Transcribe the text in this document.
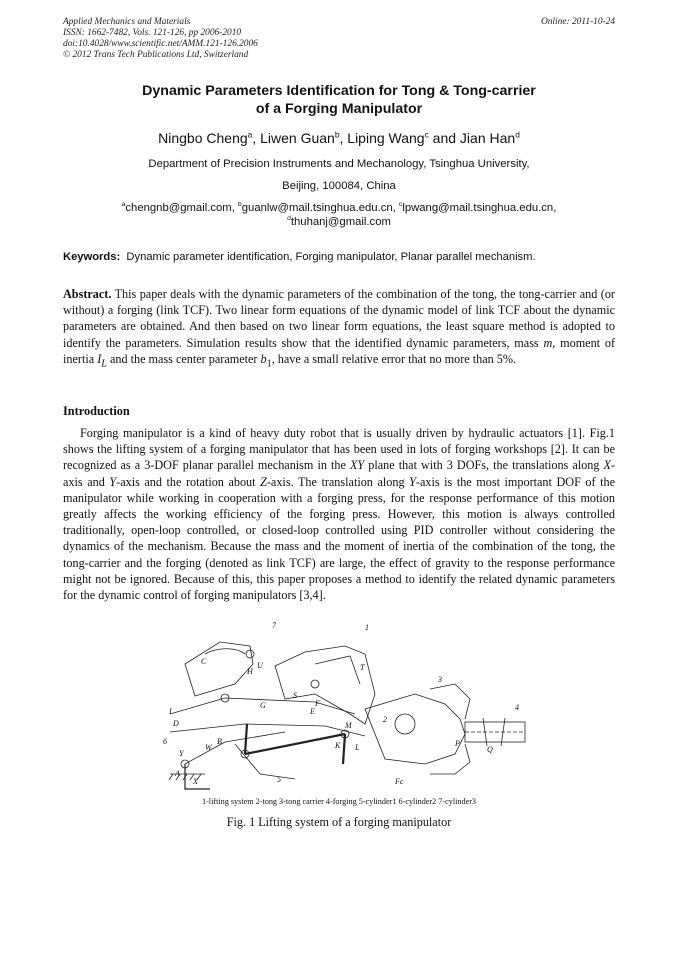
Applied Mechanics and Materials
ISSN: 1662-7482, Vols. 121-126, pp 2006-2010
doi:10.4028/www.scientific.net/AMM.121-126.2006
© 2012 Trans Tech Publications Ltd, Switzerland
Online: 2011-10-24
Dynamic Parameters Identification for Tong & Tong-carrier
of a Forging Manipulator
Ningbo Cheng$^a$, Liwen Guan$^b$, Liping Wang$^c$ and Jian Han$^d$
Department of Precision Instruments and Mechanology, Tsinghua University,
Beijing, 100084, China
$^a$chengnb@gmail.com, $^b$guanlw@mail.tsinghua.edu.cn, $^c$lpwang@mail.tsinghua.edu.cn,
$^d$thuhanj@gmail.com
Keywords: Dynamic parameter identification, Forging manipulator, Planar parallel mechanism.

Abstract. This paper deals with the dynamic parameters of the combination of the tong, the tong-carrier and (or without) a forging (link TCF). Two linear form equations of the dynamic model of link TCF about the dynamic parameters are obtained. And then based on two linear form equations, the least square method is adopted to identify the parameters. Simulation results show that the identified dynamic parameters, mass m, moment of inertia $I_L$ and the mass center parameter $b_1$, have a small relative error that no more than 5%.

Introduction

Forging manipulator is a kind of heavy duty robot that is usually driven by hydraulic actuators [1]. Fig.1 shows the lifting system of a forging manipulator that has been used in lots of forging workshops [2]. It can be recognized as a 3-DOF planar parallel mechanism in the XY plane that with 3 DOFs, the translations along X-axis and Y-axis and the rotation about Z-axis. The translation along Y-axis is the most important DOF of the manipulator while working in cooperation with a forging press, for the response performance of this motion greatly affects the working efficiency of the forging press. However, this motion is always controlled traditionally, open-loop controlled, or closed-loop controlled using PID controller without considering the dynamics of the mechanism. Because the mass and the moment of inertia of the combination of the tong, the tong-carrier and the forging (denoted as link TCF) are large, the effect of gravity to the response performance might not be ignored. Because of this, this paper proposes a method to identify the related dynamic parameters for the dynamic control of forging manipulators [3,4].

7	1
3
4
6
5
2
A
B
C
D
E
F
G
H
I
K L
M
P
Q
S
T
U
W
X
Y
Fc
1-lifting system 2-tong 3-tong carrier 4-forging 5-cylinder1 6-cylinder2 7-cylinder3
Fig. 1 Lifting system of a forging manipulator
